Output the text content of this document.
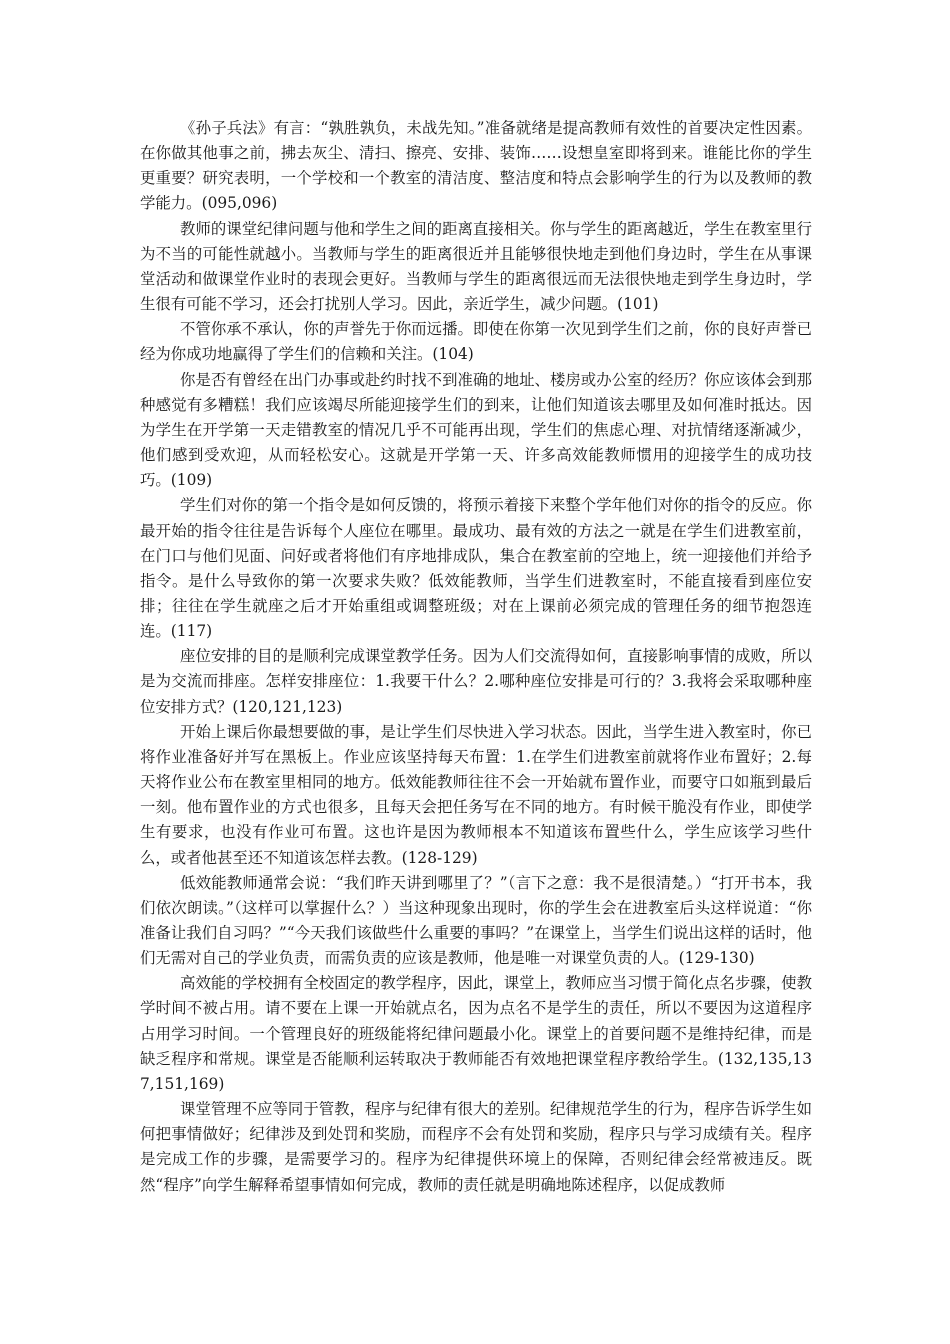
《孙子兵法》有言：“孰胜孰负，未战先知。”准备就绪是提高教师有效性的首要决定性因素。在你做其他事之前，拂去灰尘、清扫、擦亮、安排、装饰……设想皇室即将到来。谁能比你的学生更重要？研究表明，一个学校和一个教室的清洁度、整洁度和特点会影响学生的行为以及教师的教学能力。(095,096)

教师的课堂纪律问题与他和学生之间的距离直接相关。你与学生的距离越近，学生在教室里行为不当的可能性就越小。当教师与学生的距离很近并且能够很快地走到他们身边时，学生在从事课堂活动和做课堂作业时的表现会更好。当教师与学生的距离很远而无法很快地走到学生身边时，学生很有可能不学习，还会打扰别人学习。因此，亲近学生，减少问题。(101)

不管你承不承认，你的声誉先于你而远播。即使在你第一次见到学生们之前，你的良好声誉已经为你成功地赢得了学生们的信赖和关注。(104)

你是否有曾经在出门办事或赴约时找不到准确的地址、楼房或办公室的经历？你应该体会到那种感觉有多糟糕！我们应该竭尽所能迎接学生们的到来，让他们知道该去哪里及如何准时抵达。因为学生在开学第一天走错教室的情况几乎不可能再出现，学生们的焦虑心理、对抗情绪逐渐减少，他们感到受欢迎，从而轻松安心。这就是开学第一天、许多高效能教师惯用的迎接学生的成功技巧。(109)

学生们对你的第一个指令是如何反馈的，将预示着接下来整个学年他们对你的指令的反应。你最开始的指令往往是告诉每个人座位在哪里。最成功、最有效的方法之一就是在学生们进教室前，在门口与他们见面、问好或者将他们有序地排成队，集合在教室前的空地上，统一迎接他们并给予指令。是什么导致你的第一次要求失败？低效能教师，当学生们进教室时，不能直接看到座位安排；往往在学生就座之后才开始重组或调整班级；对在上课前必须完成的管理任务的细节抱怨连连。(117)

座位安排的目的是顺利完成课堂教学任务。因为人们交流得如何，直接影响事情的成败，所以是为交流而排座。怎样安排座位：1.我要干什么？2.哪种座位安排是可行的？3.我将会采取哪种座位安排方式？(120,121,123)

开始上课后你最想要做的事，是让学生们尽快进入学习状态。因此，当学生进入教室时，你已将作业准备好并写在黑板上。作业应该坚持每天布置：1.在学生们进教室前就将作业布置好；2.每天将作业公布在教室里相同的地方。低效能教师往往不会一开始就布置作业，而要守口如瓶到最后一刻。他布置作业的方式也很多，且每天会把任务写在不同的地方。有时候干脆没有作业，即使学生有要求，也没有作业可布置。这也许是因为教师根本不知道该布置些什么，学生应该学习些什么，或者他甚至还不知道该怎样去教。(128-129)

低效能教师通常会说：“我们昨天讲到哪里了？”（言下之意：我不是很清楚。）“打开书本，我们依次朗读。”（这样可以掌握什么？）当这种现象出现时，你的学生会在进教室后头这样说道：“你准备让我们自习吗？”“今天我们该做些什么重要的事吗？”在课堂上，当学生们说出这样的话时，他们无需对自己的学业负责，而需负责的应该是教师，他是唯一对课堂负责的人。(129-130)

高效能的学校拥有全校固定的教学程序，因此，课堂上，教师应当习惯于简化点名步骤，使教学时间不被占用。请不要在上课一开始就点名，因为点名不是学生的责任，所以不要因为这道程序占用学习时间。一个管理良好的班级能将纪律问题最小化。课堂上的首要问题不是维持纪律，而是缺乏程序和常规。课堂是否能顺利运转取决于教师能否有效地把课堂程序教给学生。(132,135,137,151,169)

课堂管理不应等同于管教，程序与纪律有很大的差别。纪律规范学生的行为，程序告诉学生如何把事情做好；纪律涉及到处罚和奖励，而程序不会有处罚和奖励，程序只与学习成绩有关。程序是完成工作的步骤，是需要学习的。程序为纪律提供环境上的保障，否则纪律会经常被违反。既然“程序”向学生解释希望事情如何完成，教师的责任就是明确地陈述程序，以促成教师
